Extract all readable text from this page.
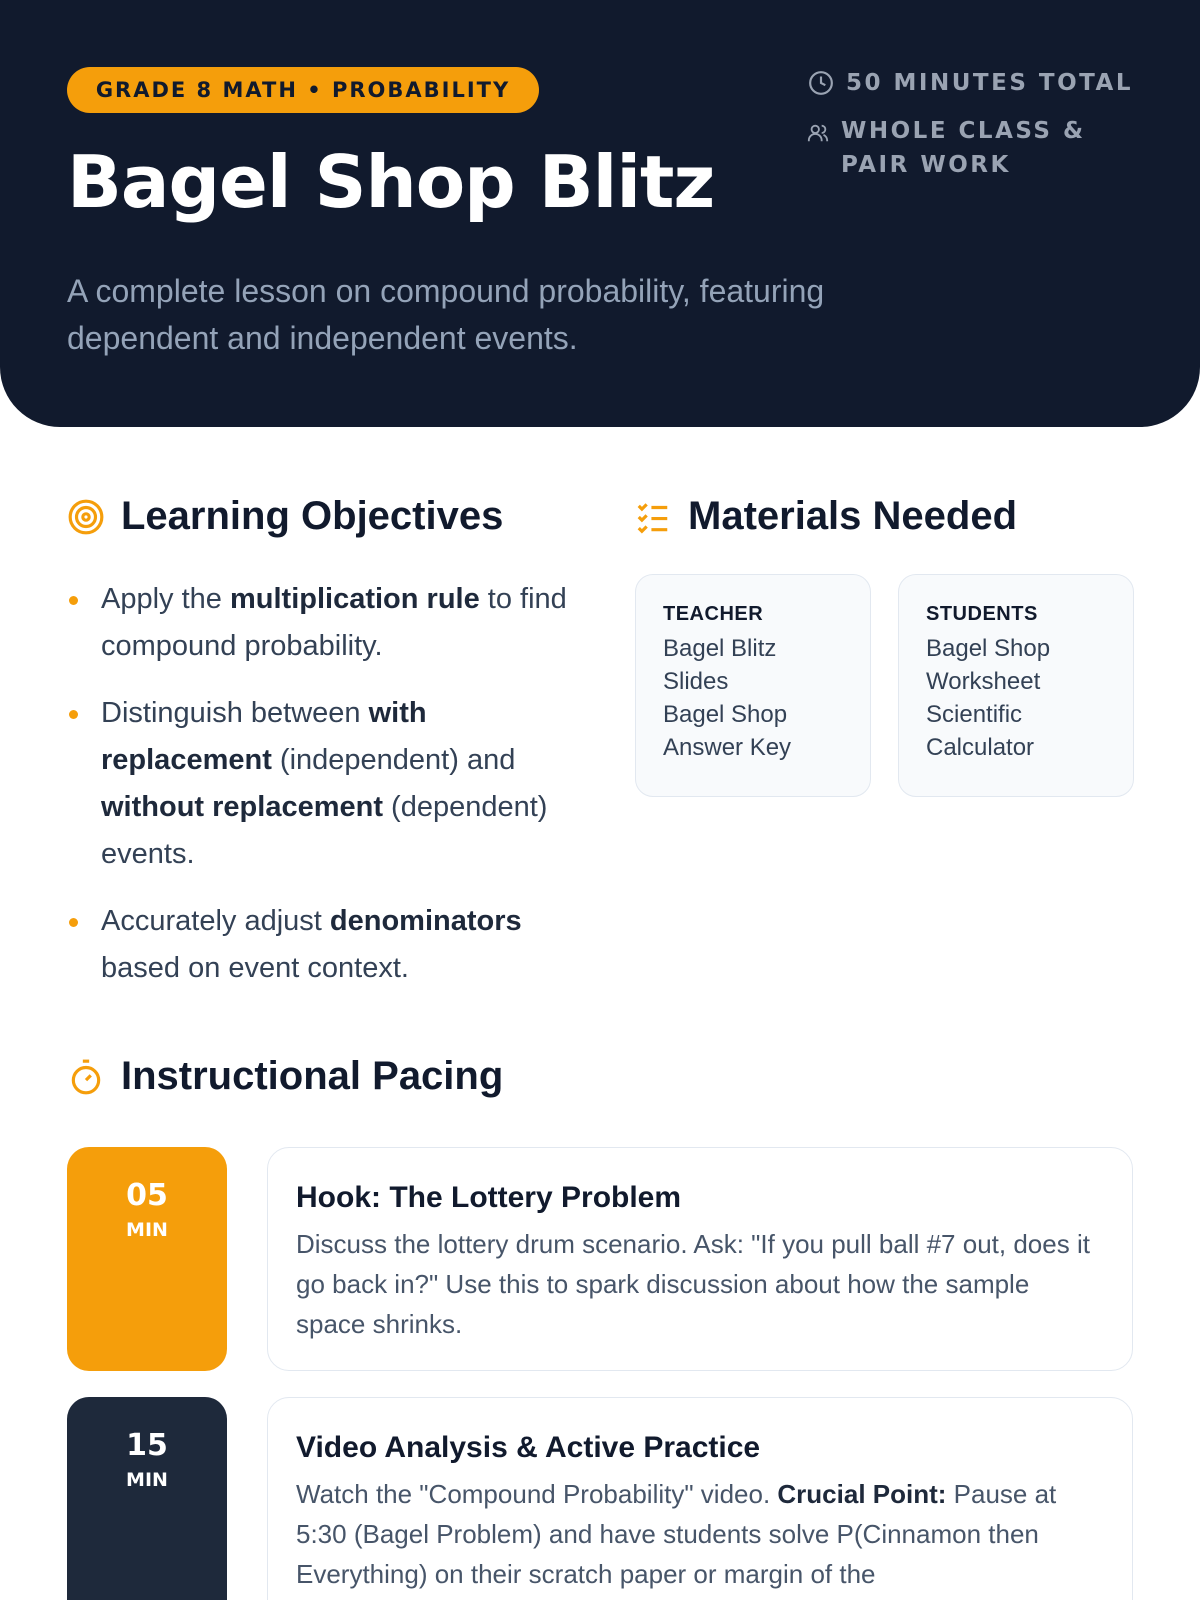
GRADE 8 MATH • PROBABILITY
Bagel Shop Blitz
A complete lesson on compound probability, featuring dependent and independent events.
50 MINUTES TOTAL
WHOLE CLASS & PAIR WORK
Learning Objectives
Apply the multiplication rule to find compound probability.
Distinguish between with replacement (independent) and without replacement (dependent) events.
Accurately adjust denominators based on event context.
Materials Needed
TEACHER
Bagel Blitz Slides
Bagel Shop Answer Key
STUDENTS
Bagel Shop Worksheet
Scientific Calculator
Instructional Pacing
05
MIN
Hook: The Lottery Problem
Discuss the lottery drum scenario. Ask: "If you pull ball #7 out, does it go back in?" Use this to spark discussion about how the sample space shrinks.
15
MIN
Video Analysis & Active Practice
Watch the "Compound Probability" video. Crucial Point: Pause at 5:30 (Bagel Problem) and have students solve P(Cinnamon then Everything) on their scratch paper or margin of the
